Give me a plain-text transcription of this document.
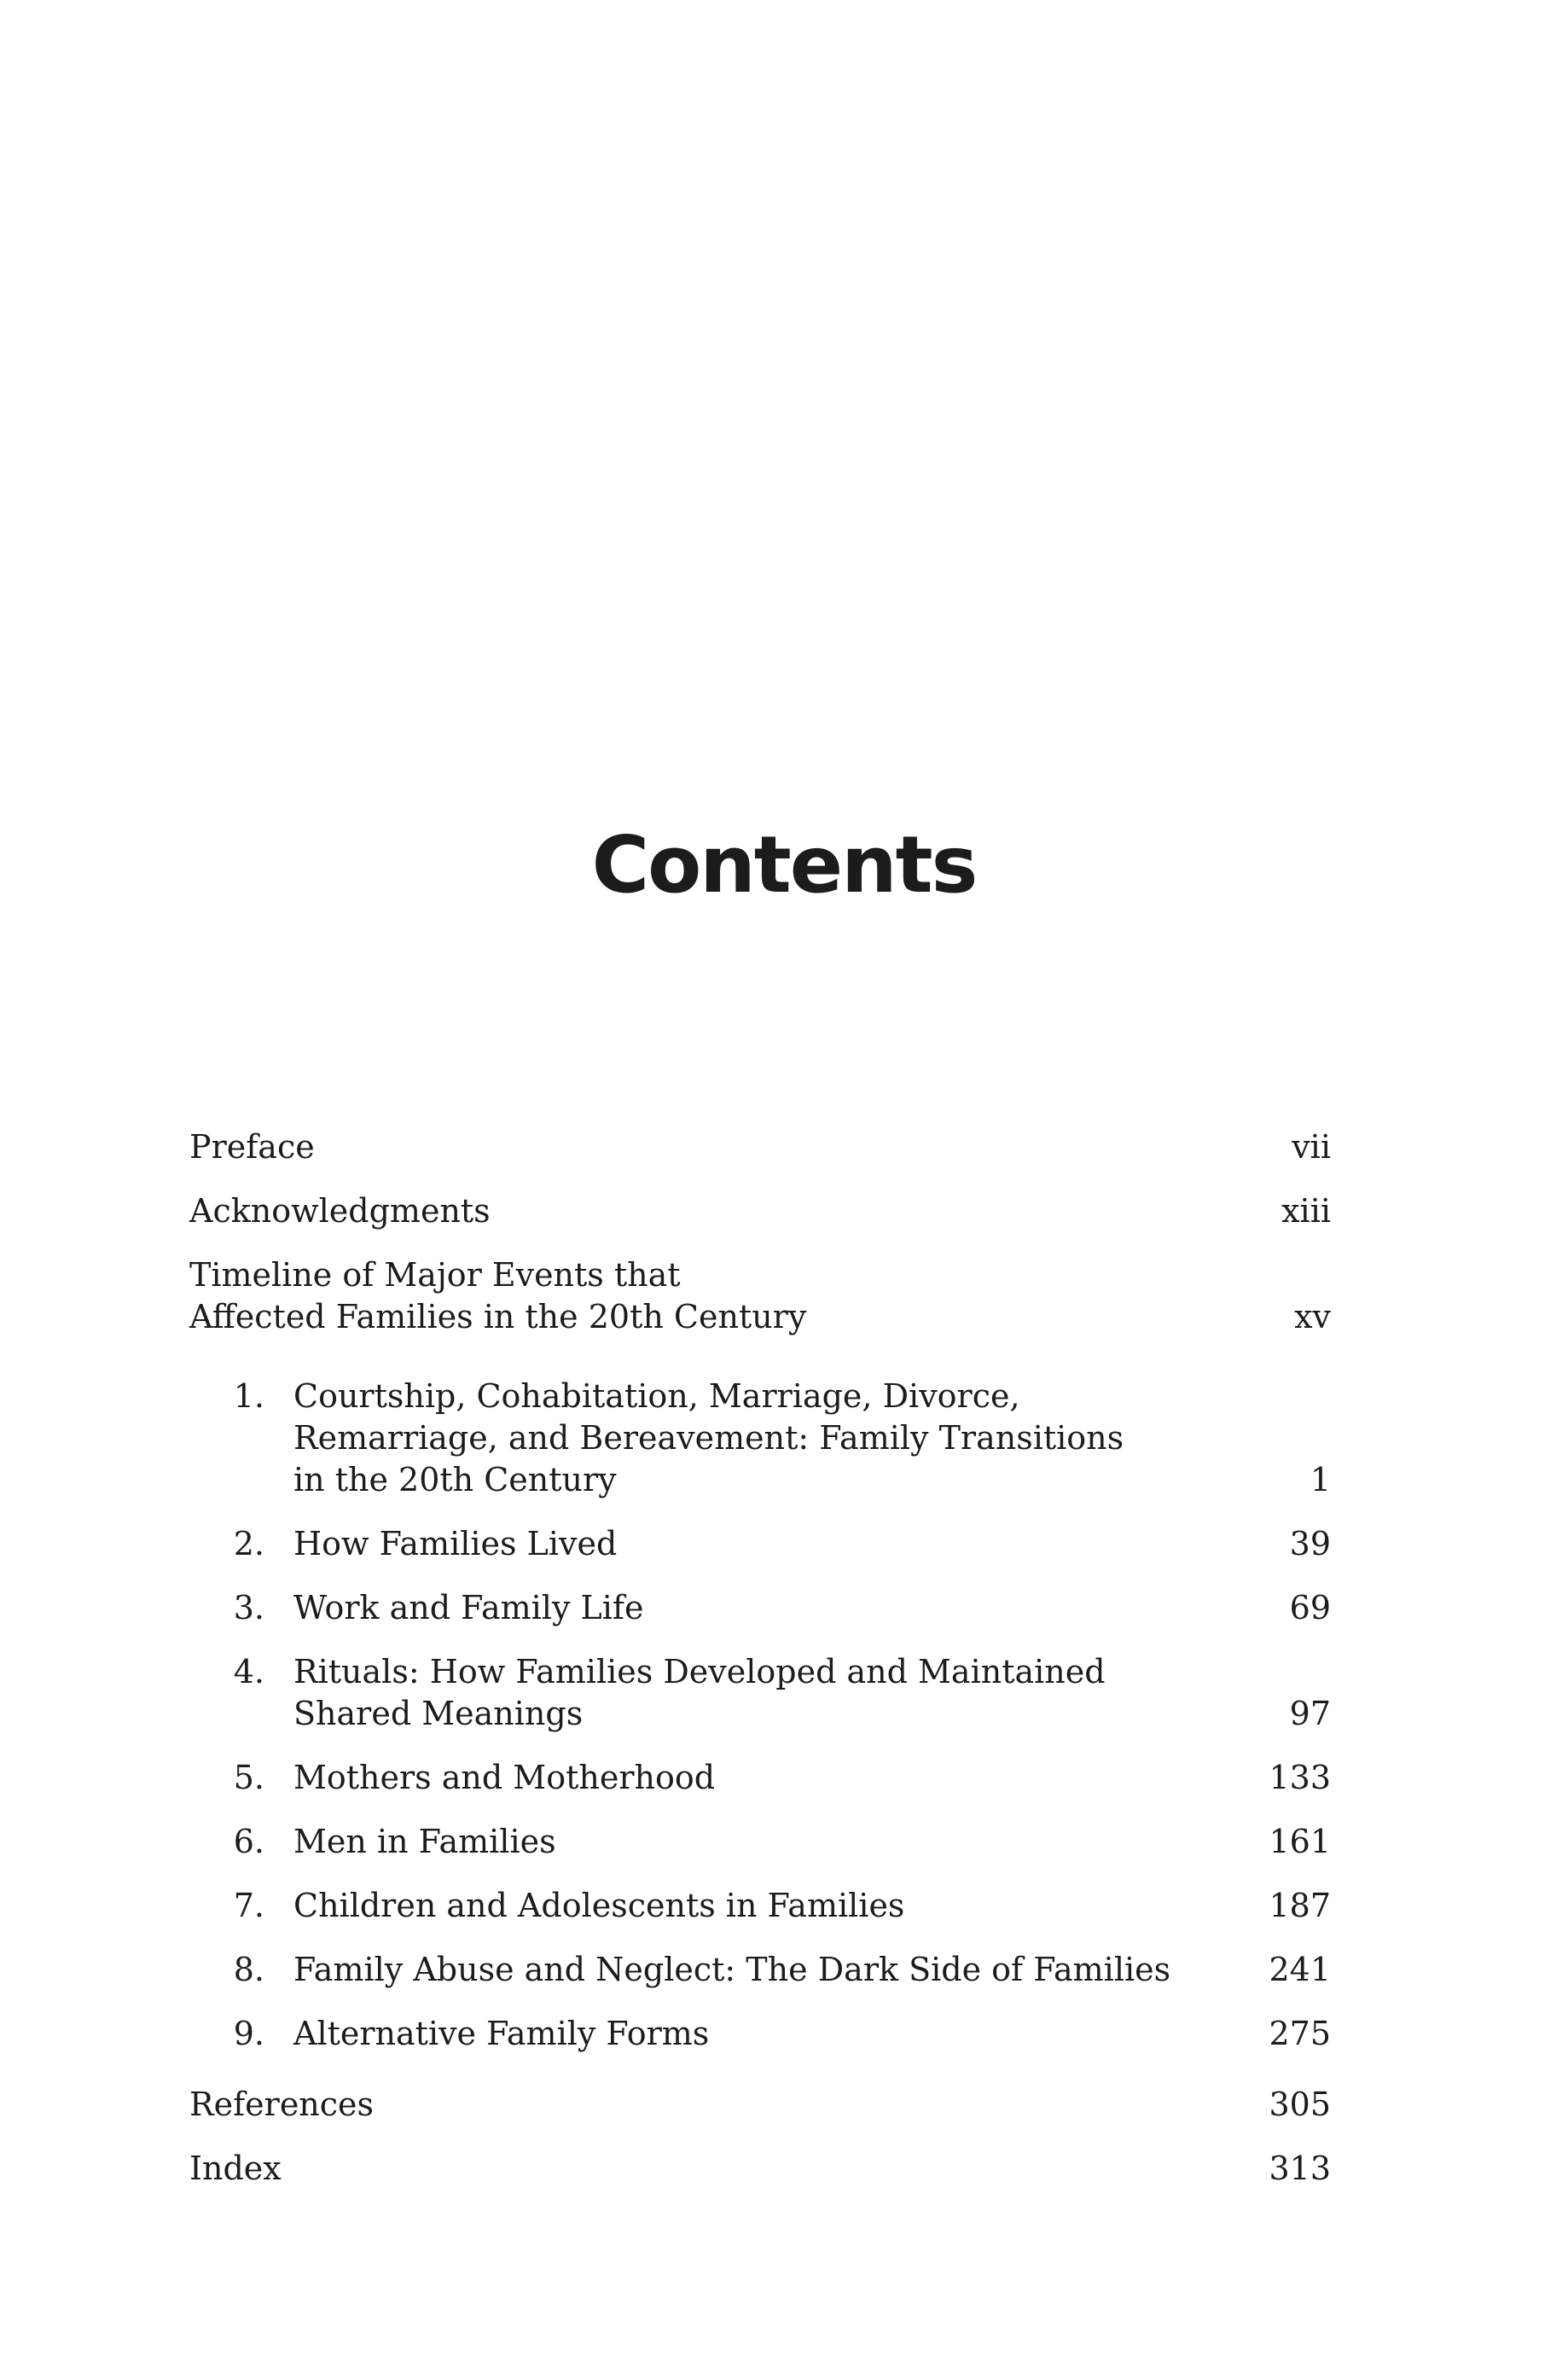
Contents
Preface	vii
Acknowledgments	xiii
Timeline of Major Events that
Affected Families in the 20th Century	xv
1. Courtship, Cohabitation, Marriage, Divorce,
Remarriage, and Bereavement: Family Transitions
in the 20th Century	1
2. How Families Lived	39
3. Work and Family Life	69
4. Rituals: How Families Developed and Maintained
Shared Meanings	97
5. Mothers and Motherhood	133
6. Men in Families	161
7. Children and Adolescents in Families	187
8. Family Abuse and Neglect: The Dark Side of Families	241
9. Alternative Family Forms	275
References	305
Index	313
